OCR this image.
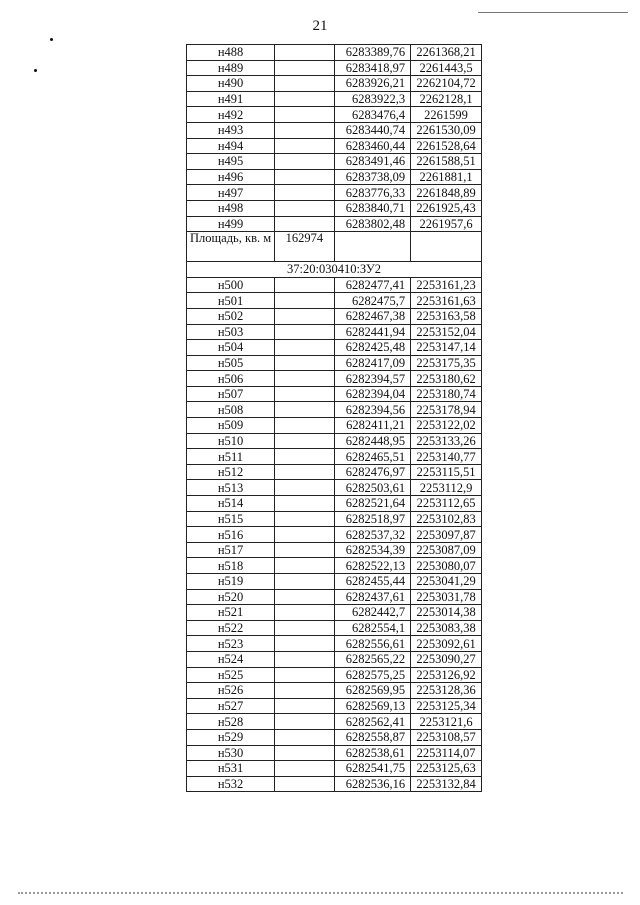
21
н488		6283389,76	2261368,21
н489		6283418,97	2261443,5
н490		6283926,21	2262104,72
н491		6283922,3	2262128,1
н492		6283476,4	2261599
н493		6283440,74	2261530,09
н494		6283460,44	2261528,64
н495		6283491,46	2261588,51
н496		6283738,09	2261881,1
н497		6283776,33	2261848,89
н498		6283840,71	2261925,43
н499		6283802,48	2261957,6
Площадь, кв. м	162974		
37:20:030410:ЗУ2			
н500		6282477,41	2253161,23
н501		6282475,7	2253161,63
н502		6282467,38	2253163,58
н503		6282441,94	2253152,04
н504		6282425,48	2253147,14
н505		6282417,09	2253175,35
н506		6282394,57	2253180,62
н507		6282394,04	2253180,74
н508		6282394,56	2253178,94
н509		6282411,21	2253122,02
н510		6282448,95	2253133,26
н511		6282465,51	2253140,77
н512		6282476,97	2253115,51
н513		6282503,61	2253112,9
н514		6282521,64	2253112,65
н515		6282518,97	2253102,83
н516		6282537,32	2253097,87
н517		6282534,39	2253087,09
н518		6282522,13	2253080,07
н519		6282455,44	2253041,29
н520		6282437,61	2253031,78
н521		6282442,7	2253014,38
н522		6282554,1	2253083,38
н523		6282556,61	2253092,61
н524		6282565,22	2253090,27
н525		6282575,25	2253126,92
н526		6282569,95	2253128,36
н527		6282569,13	2253125,34
н528		6282562,41	2253121,6
н529		6282558,87	2253108,57
н530		6282538,61	2253114,07
н531		6282541,75	2253125,63
н532		6282536,16	2253132,84
